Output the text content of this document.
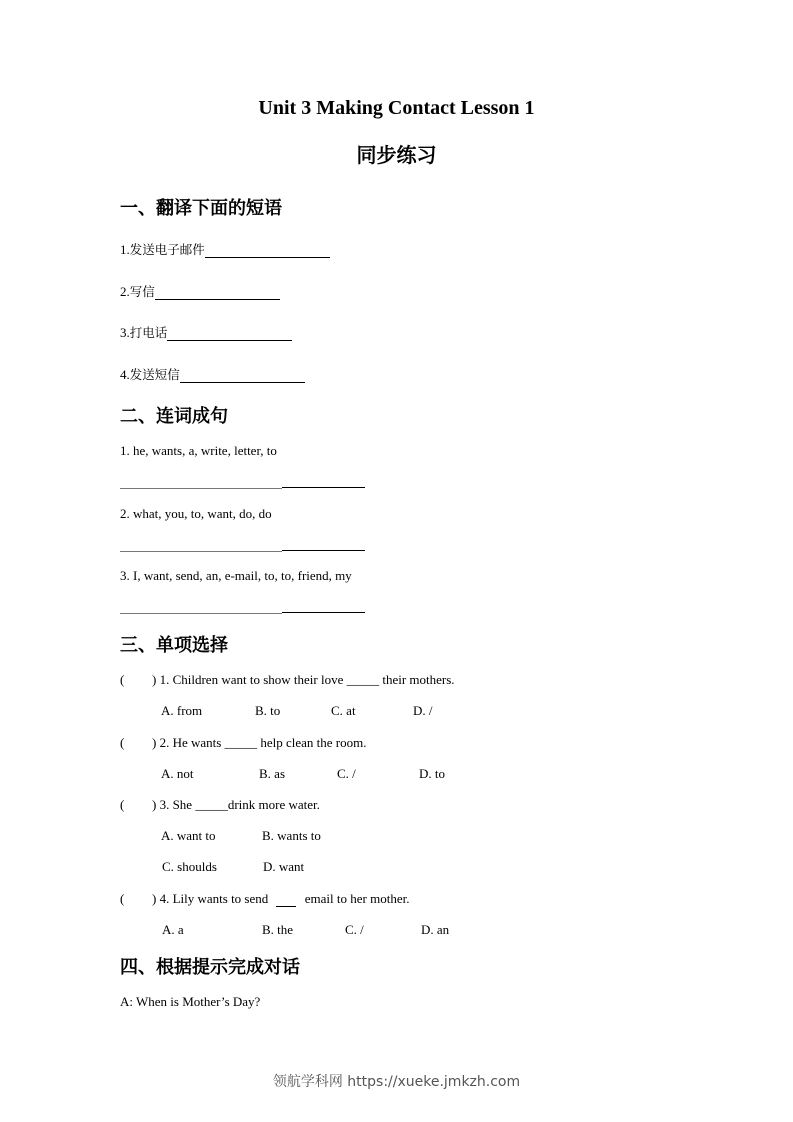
Unit 3 Making Contact Lesson 1
同步练习
一、翻译下面的短语
1.发送电子邮件
2.写信
3.打电话
4.发送短信
二、连词成句
1. he, wants, a, write, letter, to
2. what, you, to, want, do, do
3. I, want, send, an, e-mail, to, to, friend, my
三、单项选择
( ) 1. Children want to show their love _____ their mothers.
A. from	B. to	C. at	D. /
( ) 2. He wants _____ help clean the room.
A. not	B. as	C. /	D. to
( ) 3. She _____drink more water.
A. want to	B. wants to
C. shoulds	D. want
( ) 4. Lily wants to send	email to her mother.
A. a	B. the	C. /	D. an
四、根据提示完成对话
A: When is Mother’s Day?
领航学科网 https://xueke.jmkzh.com
